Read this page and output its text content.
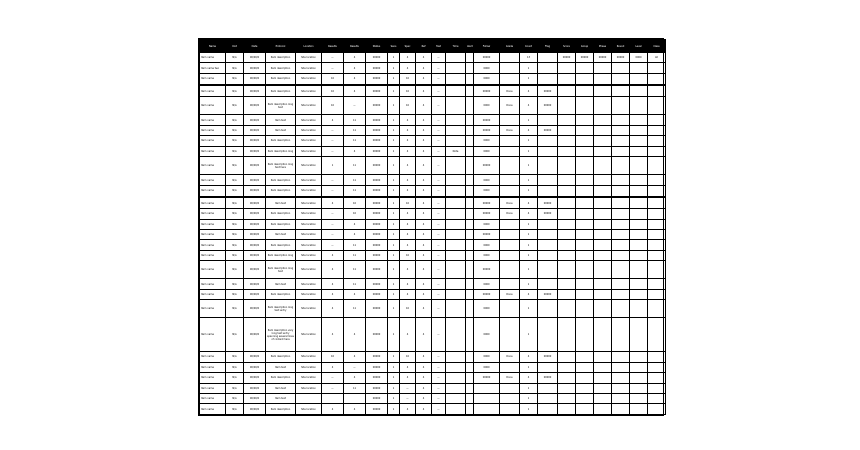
Name	Unit	Date	Protocol	Location	Results	Results	Status	Sens	Spec	Ref	Test	Time	Alert	Follow	Grade	Count	Flag	Score	Group	Phase	Round	Level	Class
Item name	N/A	00/00/0	Item description	Site location	—	4	00000	1	4	4	—			00000		13		00000	00000	00000	00000	0000	All
Item name two	N/A	00/00/0	Item description	Site location	—	4	00000	1	4	4	—			0000		1							
Item name	N/A	00/00/0	Item description	Site location	10	4	00000	1	10	4	—			0000		1							
Item name	N/A	00/00/0	Item description	Site location	10	4	00000	1	10	4	—			00000	Done	4	00000						
Item name	N/A	00/00/0	Item description long text	Site location	10	—	00000	1	10	4	—			0000	Done	4	00000						
Item name	N/A	00/00/0	Item text	Site location	4	11	00000	1	4	4	—			00000		1							
Item name	N/A	00/00/0	Item text	Site location	—	11	00000	1	4	4	—			00000	Done	4	00000						
Item name	N/A	00/00/0	Item description	Site location	—	11	00000	1	4	4	—			0000		1							
Item name	N/A	00/00/0	Item description long	Site location	—	4	00000	1	4	4	—	Note		0000		1							
Item name	N/A	00/00/0	Item description long text here	Site location	1	11	00000	1	4	4	—			00000		1							
Item name	N/A	00/00/0	Item description	Site location	—	11	00000	1	4	4	—			0000		1							
Item name	N/A	00/00/0	Item description	Site location	—	11	00000	1	4	4	—			0000		1							
Item name	N/A	00/00/0	Item text	Site location	4	10	00000	1	10	4	—			00000	Done	4	00000						
Item name	N/A	00/00/0	Item description	Site location	—	10	00000	1	4	4	—			00000	Done	4	00000						
Item name	N/A	00/00/0	Item description	Site location	—	4	00000	1	4	4	—			0000		1							
Item name	N/A	00/00/0	Item text	Site location	—	4	00000	1	4	4	—			00000		1							
Item name	N/A	00/00/0	Item description	Site location	—	11	00000	1	4	4	—			0000		1							
Item name	N/A	00/00/0	Item description long	Site location	4	11	00000	1	10	4	—			0000		1							
Item name	N/A	00/00/0	Item description long text	Site location	4	11	00000	1	4	4	—			00000		1							
Item name	N/A	00/00/0	Item text	Site location	4	11	00000	1	4	4	—			0000		1							
Item name	N/A	00/00/0	Item description	Site location	4	4	00000	1	4	4	—			00000	Done	4	00000						
Item name	N/A	00/00/0	Item description long text entry	Site location	4	11	00000	1	10	4	—			0000		1							
Item name	N/A	00/00/0	Item description very long text entry spanning several lines of content here	Site location	4	4	00000	1	4	4	—			0000		1							
Item name	N/A	00/00/0	Item description	Site location	10	4	00000	1	10	4	—			0000	Done	4	00000						
Item name	N/A	00/00/0	Item text	Site location	4	—	00000	1	4	4	—			0000		1							
Item name	N/A	00/00/0	Item description	Site location	—	4	00000	1	4	4	—			00000	Done	4	00000						
Item name	N/A	00/00/0	Item text	Site location	—	11	00000	1	—	4	—					1							
Item name	N/A	00/00/0	Item text				00000	1	—	4	—					1							
Item name	N/A	00/00/0	Item description	Site location	4	4	00000	1	4	4	—					1							
